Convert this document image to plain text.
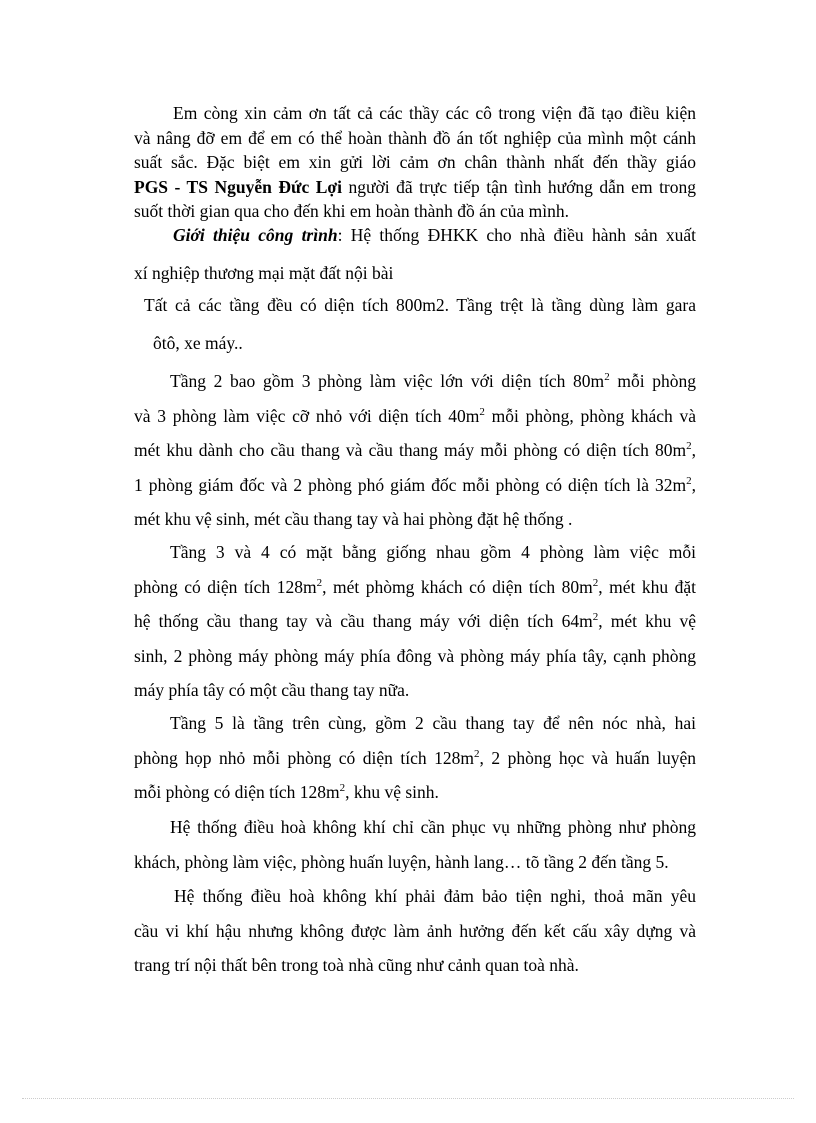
Em còng xin cảm ơn tất cả các thầy các cô trong viện đã tạo điều kiện
và nâng đỡ em để em có thể hoàn thành đồ án tốt nghiệp của mình một cánh
suất sắc. Đặc biệt em xin gửi lời cảm ơn chân thành nhất đến thầy giáo
PGS - TS Nguyễn Đức Lợi người đã trực tiếp tận tình hướng dẫn em trong
suốt thời gian qua cho đến khi em hoàn thành đồ án của mình.

Giới thiệu công trình: Hệ thống ĐHKK cho nhà điều hành sản xuất
xí nghiệp thương mại mặt đất nội bài

Tất cả các tầng đều có diện tích 800m2. Tầng trệt là tầng dùng làm gara
ôtô, xe máy..

Tầng 2 bao gồm 3 phòng làm việc lớn với diện tích $80m^2$ mỗi phòng
và 3 phòng làm việc cỡ nhỏ với diện tích $40m^2$ mỗi phòng, phòng khách và
mét khu dành cho cầu thang và cầu thang máy mỗi phòng có diện tích $80m^2$,
1 phòng giám đốc và 2 phòng phó giám đốc mỗi phòng có diện tích là $32m^2$,
mét khu vệ sinh, mét cầu thang tay và hai phòng đặt hệ thống .

Tầng 3 và 4 có mặt bằng giống nhau gồm 4 phòng làm việc mỗi
phòng có diện tích $128m^2$, mét phòmg khách có diện tích $80m^2$, mét khu đặt
hệ thống cầu thang tay và cầu thang máy với diện tích $64m^2$, mét khu vệ
sinh, 2 phòng máy phòng máy phía đông và phòng máy phía tây, cạnh phòng
máy phía tây có một cầu thang tay nữa.

Tầng 5 là tầng trên cùng, gồm 2 cầu thang tay để nên nóc nhà, hai
phòng họp nhỏ mỗi phòng có diện tích $128m^2$, 2 phòng học và huấn luyện
mỗi phòng có diện tích $128m^2$, khu vệ sinh.

Hệ thống điều hoà không khí chỉ cần phục vụ những phòng như phòng
khách, phòng làm việc, phòng huấn luyện, hành lang… tõ tầng 2 đến tầng 5.

Hệ thống điều hoà không khí phải đảm bảo tiện nghi, thoả mãn yêu
cầu vi khí hậu nhưng không được làm ảnh hưởng đến kết cấu xây dựng và
trang trí nội thất bên trong toà nhà cũng như cảnh quan toà nhà.
